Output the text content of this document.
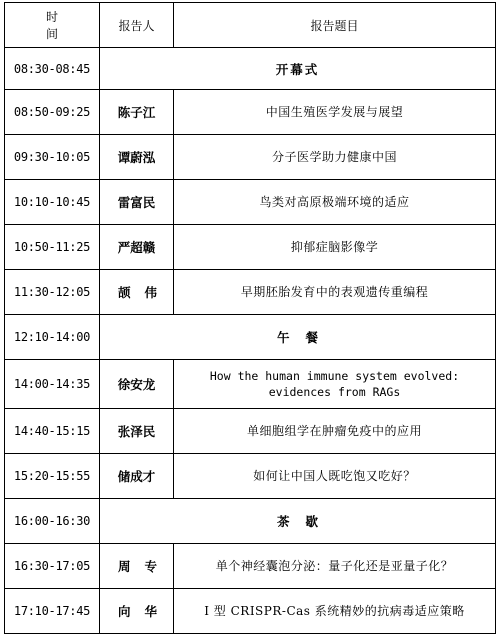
时间	报告人	报告题目
08:30-08:45	开幕式	
08:50-09:25	陈子江	中国生殖医学发展与展望
09:30-10:05	谭蔚泓	分子医学助力健康中国
10:10-10:45	雷富民	鸟类对高原极端环境的适应
10:50-11:25	严超赣	抑郁症脑影像学
11:30-12:05	颉伟	早期胚胎发育中的表观遗传重编程
12:10-14:00	午餐	
14:00-14:35	徐安龙	How the human immune system evolved: evidences from RAGs
14:40-15:15	张泽民	单细胞组学在肿瘤免疫中的应用
15:20-15:55	储成才	如何让中国人既吃饱又吃好？
16:00-16:30	茶歇	
16:30-17:05	周专	单个神经囊泡分泌：量子化还是亚量子化？
17:10-17:45	向华	I 型 CRISPR-Cas 系统精妙的抗病毒适应策略
